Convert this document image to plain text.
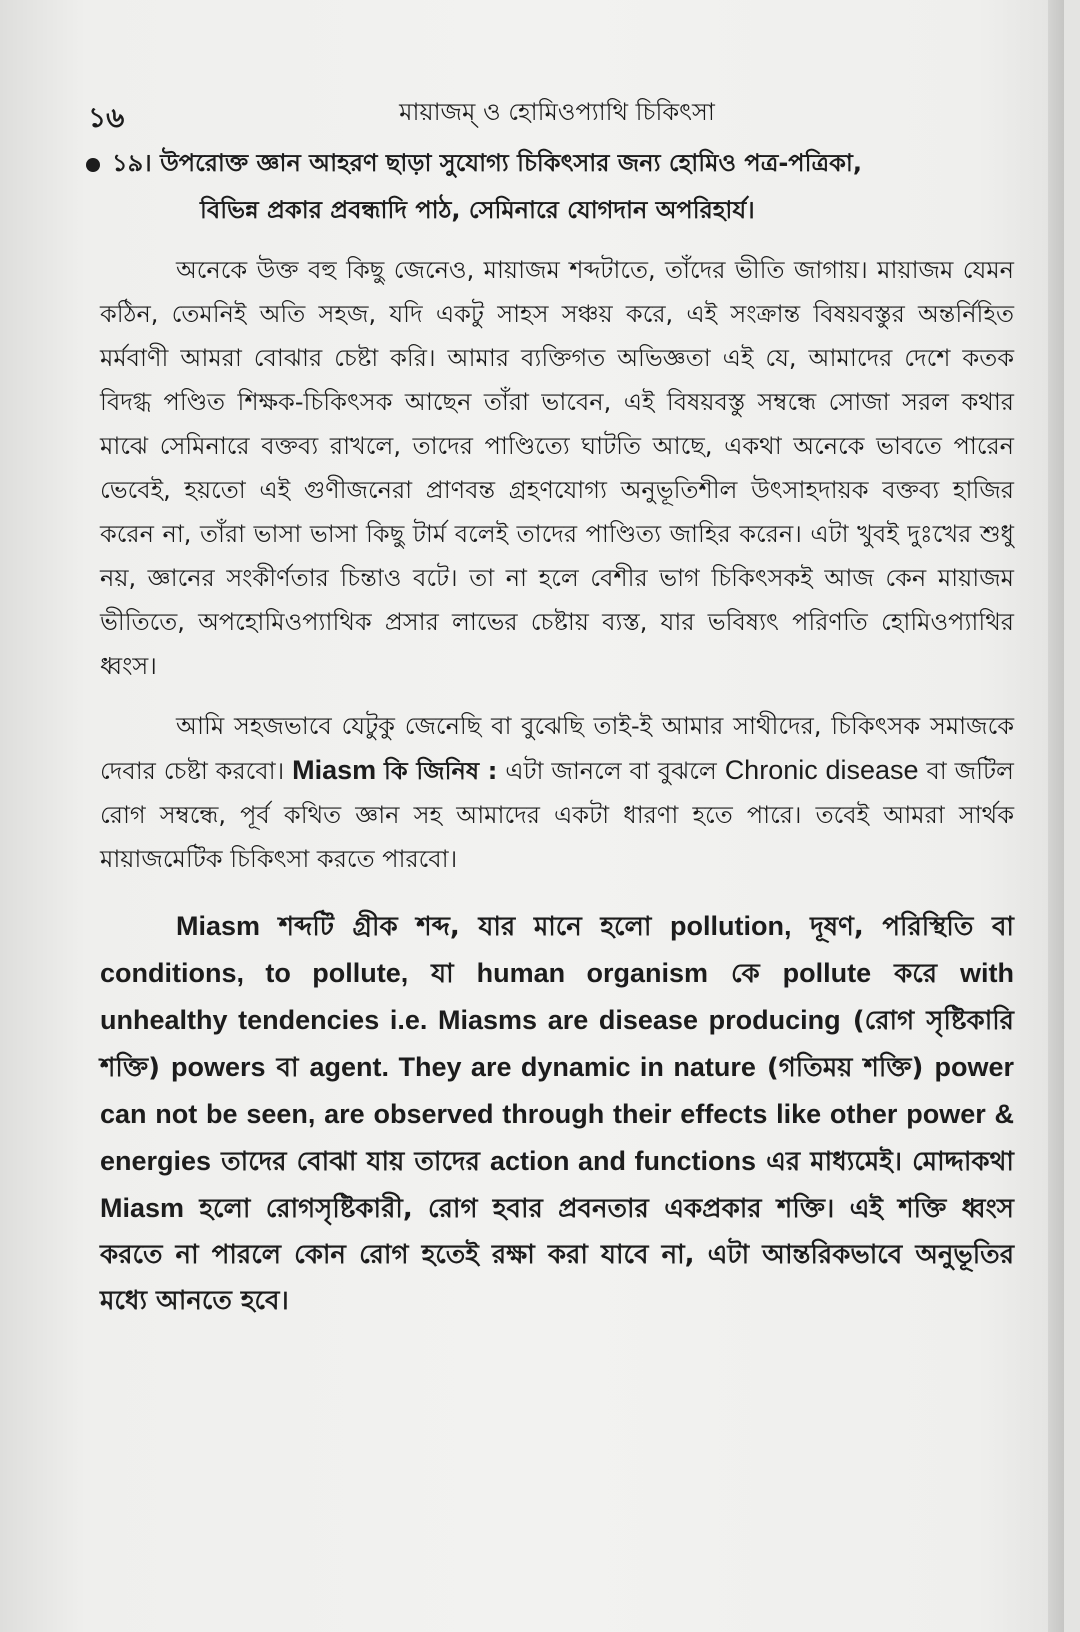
১৬	মায়াজম্ ও হোমিওপ্যাথি চিকিৎসা
১৯। উপরোক্ত জ্ঞান আহরণ ছাড়া সুযোগ্য চিকিৎসার জন্য হোমিও পত্র-পত্রিকা,
বিভিন্ন প্রকার প্রবন্ধাদি পাঠ, সেমিনারে যোগদান অপরিহার্য।

অনেকে উক্ত বহু কিছু জেনেও, মায়াজম শব্দটাতে, তাঁদের ভীতি জাগায়। মায়াজম যেমন কঠিন, তেমনিই অতি সহজ, যদি একটু সাহস সঞ্চয় করে, এই সংক্রান্ত বিষয়বস্তুর অন্তর্নিহিত মর্মবাণী আমরা বোঝার চেষ্টা করি। আমার ব্যক্তিগত অভিজ্ঞতা এই যে, আমাদের দেশে কতক বিদগ্ধ পণ্ডিত শিক্ষক-চিকিৎসক আছেন তাঁরা ভাবেন, এই বিষয়বস্তু সম্বন্ধে সোজা সরল কথার মাঝে সেমিনারে বক্তব্য রাখলে, তাদের পাণ্ডিত্যে ঘাটতি আছে, একথা অনেকে ভাবতে পারেন ভেবেই, হয়তো এই গুণীজনেরা প্রাণবন্ত গ্রহণযোগ্য অনুভূতিশীল উৎসাহদায়ক বক্তব্য হাজির করেন না, তাঁরা ভাসা ভাসা কিছু টার্ম বলেই তাদের পাণ্ডিত্য জাহির করেন। এটা খুবই দুঃখের শুধু নয়, জ্ঞানের সংকীর্ণতার চিন্তাও বটে। তা না হলে বেশীর ভাগ চিকিৎসকই আজ কেন মায়াজম ভীতিতে, অপহোমিওপ্যাথিক প্রসার লাভের চেষ্টায় ব্যস্ত, যার ভবিষ্যৎ পরিণতি হোমিওপ্যাথির ধ্বংস।

আমি সহজভাবে যেটুকু জেনেছি বা বুঝেছি তাই-ই আমার সাথীদের, চিকিৎসক সমাজকে দেবার চেষ্টা করবো। Miasm কি জিনিষ : এটা জানলে বা বুঝলে Chronic disease বা জটিল রোগ সম্বন্ধে, পূর্ব কথিত জ্ঞান সহ আমাদের একটা ধারণা হতে পারে। তবেই আমরা সার্থক মায়াজমেটিক চিকিৎসা করতে পারবো।

Miasm শব্দটি গ্রীক শব্দ, যার মানে হলো pollution, দূষণ, পরিস্থিতি বা conditions, to pollute, যা human organism কে pollute করে with unhealthy tendencies i.e. Miasms are disease producing (রোগ সৃষ্টিকারি শক্তি) powers বা agent. They are dynamic in nature (গতিময় শক্তি) power can not be seen, are observed through their effects like other power & energies তাদের বোঝা যায় তাদের action and functions এর মাধ্যমেই। মোদ্দাকথা Miasm হলো রোগসৃষ্টিকারী, রোগ হবার প্রবনতার একপ্রকার শক্তি। এই শক্তি ধ্বংস করতে না পারলে কোন রোগ হতেই রক্ষা করা যাবে না, এটা আন্তরিকভাবে অনুভূতির মধ্যে আনতে হবে।
